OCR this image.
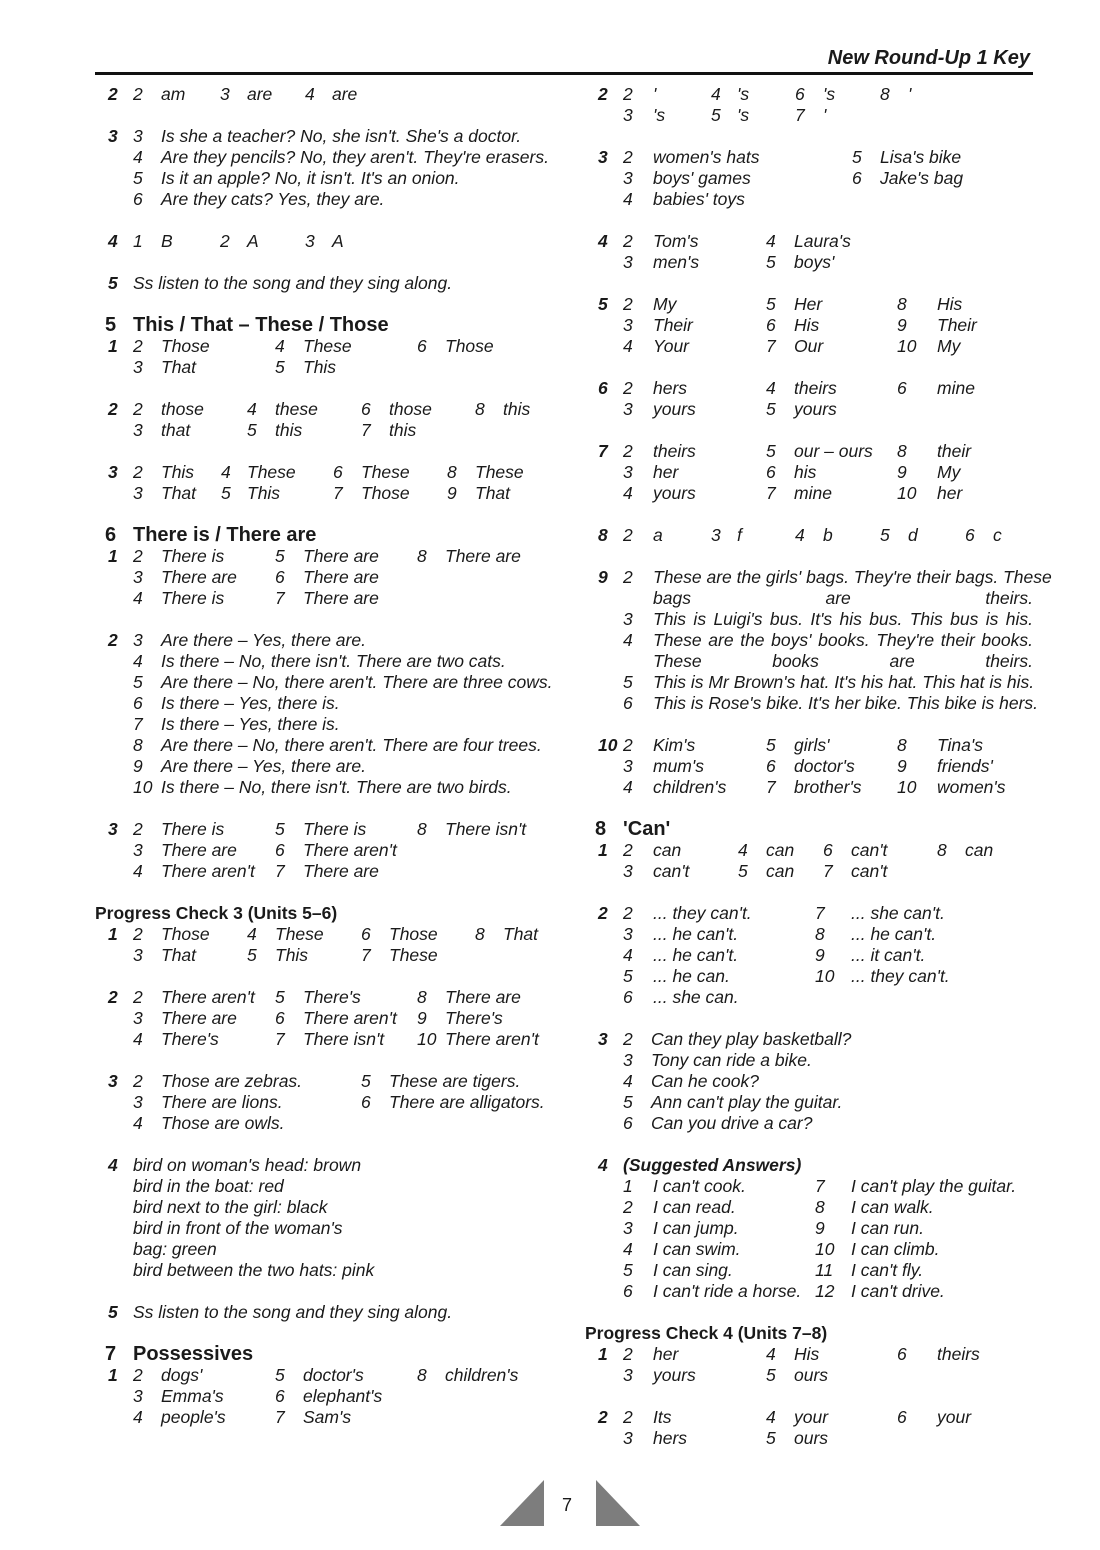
New Round-Up 1 Key
2 2 am 3 are 4 are
3 3 Is she a teacher? No, she isn't. She's a doctor.
4 Are they pencils? No, they aren't. They're erasers.
5 Is it an apple? No, it isn't. It's an onion.
6 Are they cats? Yes, they are.
4 1 B	2 A	3 A
5 Ss listen to the song and they sing along.
5 This / That – These / Those
1 2 Those	4 These	6 Those
3 That	5 This
2 2 those 4 these 6 those 8 this
3 that	5 this	7 this
3 2 This 4 These 6 These 8 These
3 That 5 This	7 Those 9 That
6 There is / There are
1 2 There is	5 There are 8 There are
3 There are 6 There are
4 There is	7 There are
2 3 Are there – Yes, there are.
4 Is there – No, there isn't. There are two cats.
5 Are there – No, there aren't. There are three cows.
6 Is there – Yes, there is.
7 Is there – Yes, there is.
8 Are there – No, there aren't. There are four trees.
9 Are there – Yes, there are.
10 Is there – No, there isn't. There are two birds.
3 2 There is	5 There is	8 There isn't
3 There are 6 There aren't
4 There aren't 7 There are
Progress Check 3 (Units 5–6)
1 2 Those 4 These 6 Those 8 That
3 That	5 This	7 These
2 2 There aren't 5 There's	8 There are
3 There are 6 There aren't 9 There's
4 There's	7 There isn't 10 There aren't
3 2 Those are zebras.	5 These are tigers.
3 There are lions.	6 There are alligators.
4 Those are owls.
4 bird on woman's head: brown
bird in the boat: red
bird next to the girl: black
bird in front of the woman's
bag: green
bird between the two hats: pink
5 Ss listen to the song and they sing along.
7 Possessives
1 2 dogs'	5 doctor's	8 children's
3 Emma's	6 elephant's
4 people's	7 Sam's
2 2 '	4 's	6 's	8 '
3 's	5 's	7 '
3 2 women's hats	5 Lisa's bike
3 boys' games	6 Jake's bag
4 babies' toys
4 2 Tom's	4 Laura's
3 men's	5 boys'
5 2 My	5 Her	8 His
3 Their	6 His	9 Their
4 Your	7 Our	10 My
6 2 hers	4 theirs	6 mine
3 yours	5 yours
7 2 theirs	5 our – ours 8 their
3 her	6 his	9 My
4 yours	7 mine	10 her
8 2 a	3 f	4 b	5 d	6 c
9 2 These are the girls' bags. They're their bags. These
bags are theirs.
3 This is Luigi's bus. It's his bus. This bus is his.
4 These are the boys' books. They're their books.
These books are theirs.
5 This is Mr Brown's hat. It's his hat. This hat is his.
6 This is Rose's bike. It's her bike. This bike is hers.
10 2 Kim's	5 girls'	8 Tina's
3 mum's	6 doctor's 9 friends'
4 children's 7 brother's 10 women's
8 'Can'
1 2 can	4 can 6 can't	8 can
3 can't	5 can 7 can't
2 2 ... they can't.	7 ... she can't.
3 ... he can't.	8 ... he can't.
4 ... he can't.	9 ... it can't.
5 ... he can.	10 ... they can't.
6 ... she can.
3 2 Can they play basketball?
3 Tony can ride a bike.
4 Can he cook?
5 Ann can't play the guitar.
6 Can you drive a car?
4 (Suggested Answers)
1 I can't cook.	7 I can't play the guitar.
2 I can read.	8 I can walk.
3 I can jump.	9 I can run.
4 I can swim.	10 I can climb.
5 I can sing.	11 I can't fly.
6 I can't ride a horse. 12 I can't drive.
Progress Check 4 (Units 7–8)
1 2 her	4 His	6 theirs
3 yours	5 ours
2 2 Its	4 your	6 your
3 hers	5 ours
7
